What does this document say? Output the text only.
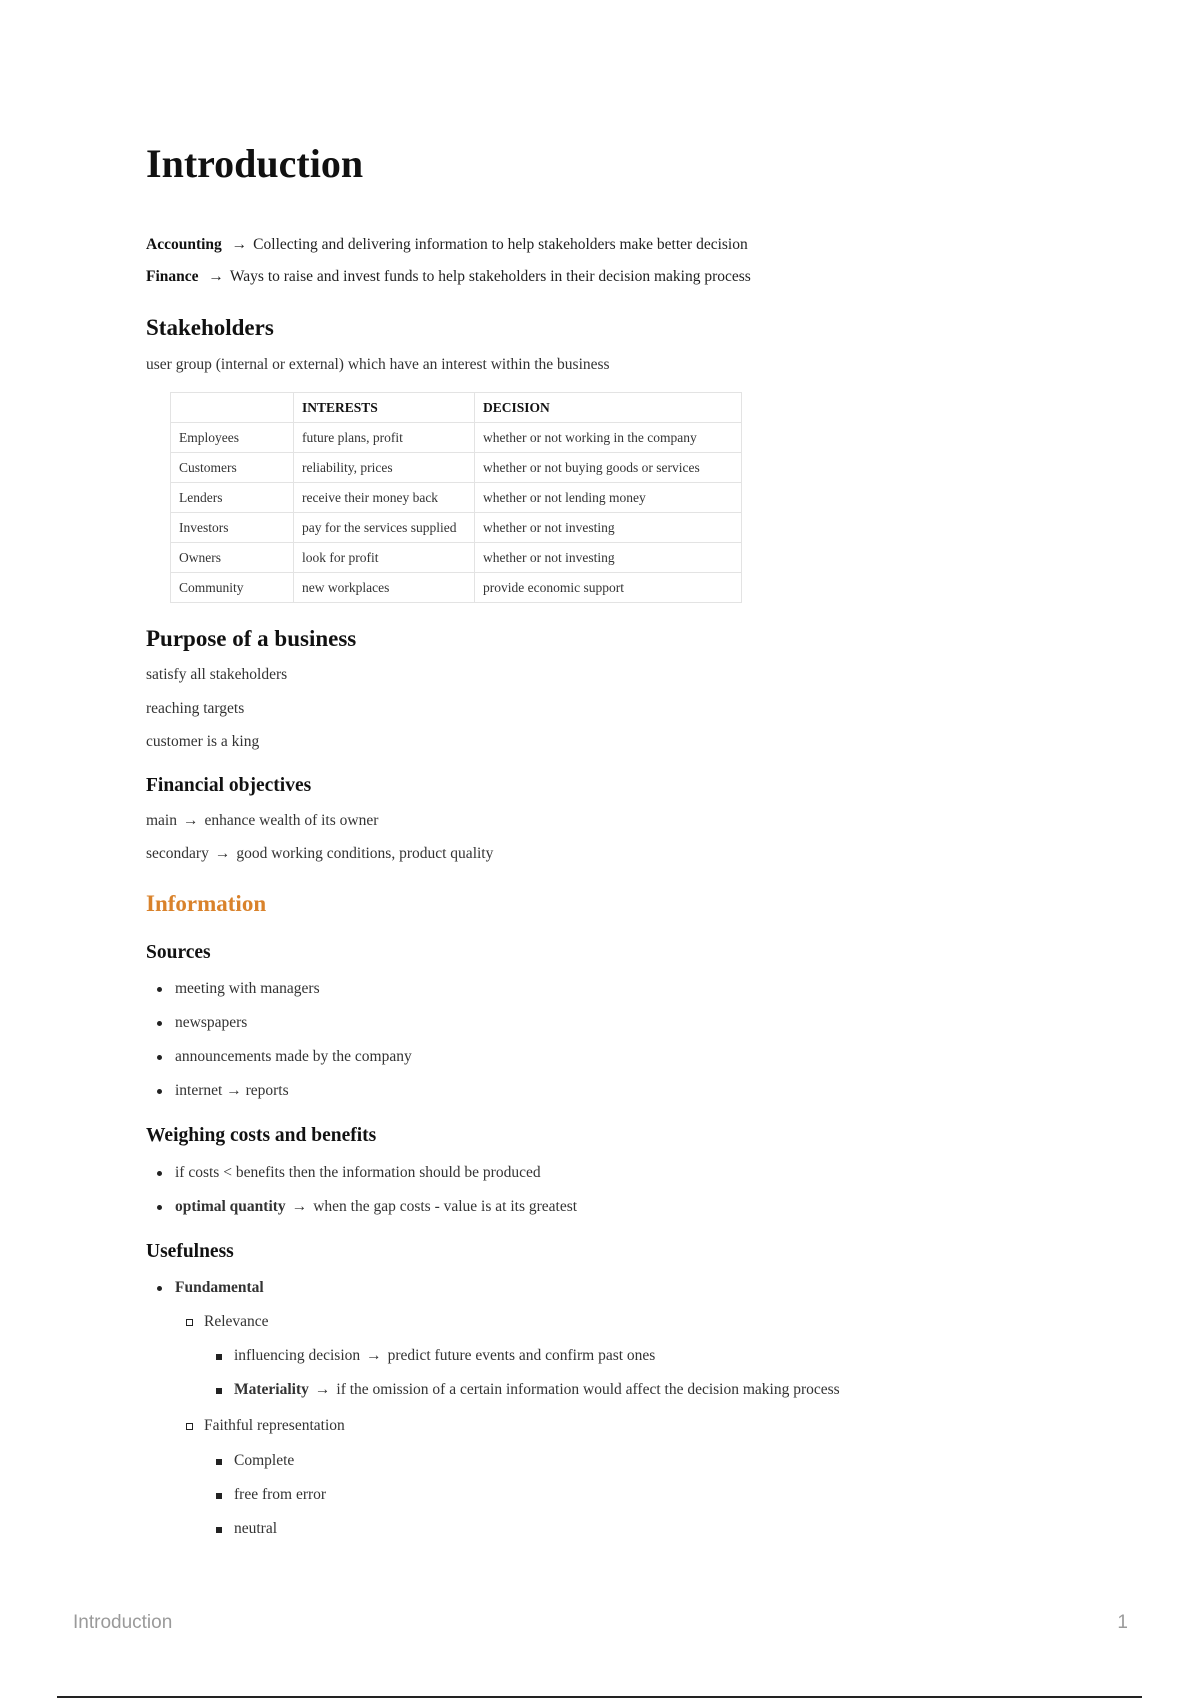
Introduction

Accounting → Collecting and delivering information to help stakeholders make better decision

Finance → Ways to raise and invest funds to help stakeholders in their decision making process

Stakeholders

user group (internal or external) which have an interest within the business

	INTERESTS	DECISION
Employees	future plans, profit	whether or not working in the company
Customers	reliability, prices	whether or not buying goods or services
Lenders	receive their money back	whether or not lending money
Investors	pay for the services supplied	whether or not investing
Owners	look for profit	whether or not investing
Community	new workplaces	provide economic support
Purpose of a business

satisfy all stakeholders

reaching targets

customer is a king

Financial objectives

main → enhance wealth of its owner

secondary → good working conditions, product quality

Information
Sources
meeting with managers
newspapers
announcements made by the company
internet → reports
Weighing costs and benefits
if costs < benefits then the information should be produced
optimal quantity → when the gap costs - value is at its greatest
Usefulness
Fundamental
Relevance
influencing decision → predict future events and confirm past ones
Materiality → if the omission of a certain information would affect the decision making process
Faithful representation
Complete
free from error
neutral
Introduction	1
